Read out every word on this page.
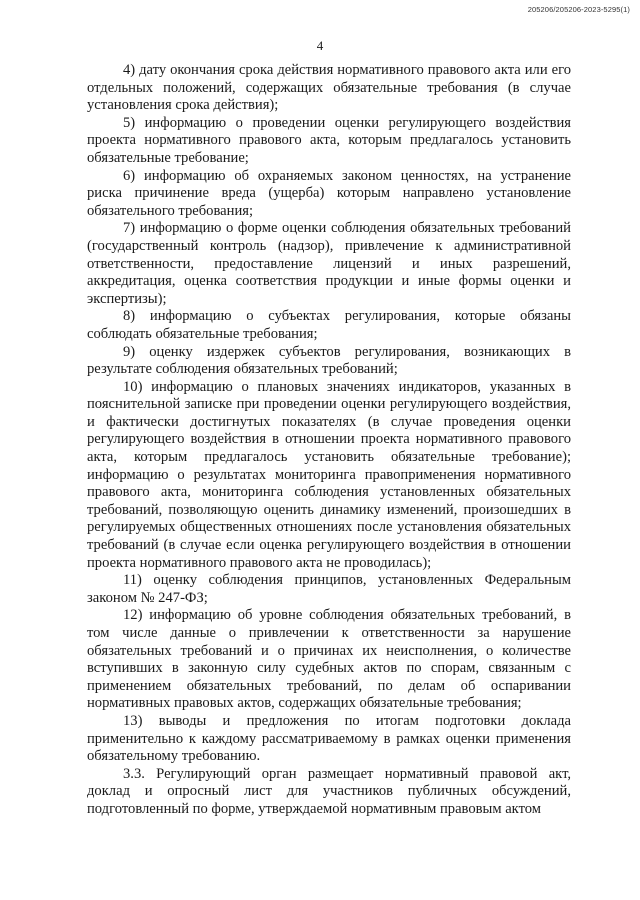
205206/205206-2023-5295(1)
4

4) дату окончания срока действия нормативного правового акта или его отдельных положений, содержащих обязательные требования (в случае установления срока действия);

5) информацию о проведении оценки регулирующего воздействия проекта нормативного правового акта, которым предлагалось установить обязательные требование;

6) информацию об охраняемых законом ценностях, на устранение риска причинение вреда (ущерба) которым направлено установление обязательного требования;

7) информацию о форме оценки соблюдения обязательных требований (государственный контроль (надзор), привлечение к административной ответственности, предоставление лицензий и иных разрешений, аккредитация, оценка соответствия продукции и иные формы оценки и экспертизы);

8) информацию о субъектах регулирования, которые обязаны соблюдать обязательные требования;

9) оценку издержек субъектов регулирования, возникающих в результате соблюдения обязательных требований;

10) информацию о плановых значениях индикаторов, указанных в пояснительной записке при проведении оценки регулирующего воздействия, и фактически достигнутых показателях (в случае проведения оценки регулирующего воздействия в отношении проекта нормативного правового акта, которым предлагалось установить обязательные требование); информацию о результатах мониторинга правоприменения нормативного правового акта, мониторинга соблюдения установленных обязательных требований, позволяющую оценить динамику изменений, произошедших в регулируемых общественных отношениях после установления обязательных требований (в случае если оценка регулирующего воздействия в отношении проекта нормативного правового акта не проводилась);

11) оценку соблюдения принципов, установленных Федеральным законом № 247-ФЗ;

12) информацию об уровне соблюдения обязательных требований, в том числе данные о привлечении к ответственности за нарушение обязательных требований и о причинах их неисполнения, о количестве вступивших в законную силу судебных актов по спорам, связанным с применением обязательных требований, по делам об оспаривании нормативных правовых актов, содержащих обязательные требования;

13) выводы и предложения по итогам подготовки доклада применительно к каждому рассматриваемому в рамках оценки применения обязательному требованию.

3.3. Регулирующий орган размещает нормативный правовой акт, доклад и опросный лист для участников публичных обсуждений, подготовленный по форме, утверждаемой нормативным правовым актом
